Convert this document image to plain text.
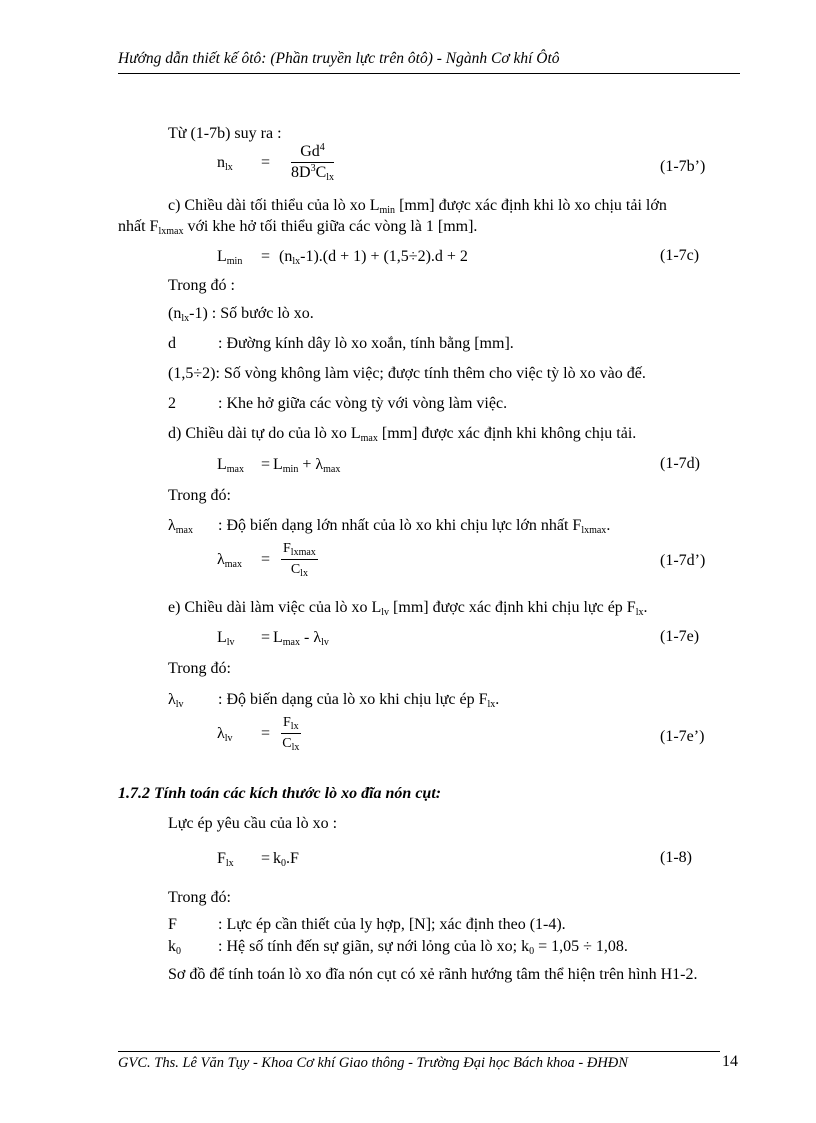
Hướng dẫn thiết kế ôtô: (Phần truyền lực trên ôtô) - Ngành Cơ khí Ôtô
Từ (1-7b) suy ra :
$n_{lx} = \frac{Gd^4}{8D^3C_{lx}}$	(1-7b’)
c) Chiều dài tối thiểu của lò xo $L_{min}$ [mm] được xác định khi lò xo chịu tải lớn
nhất $F_{lxmax}$ với khe hở tối thiểu giữa các vòng là 1 [mm].
$L_{min} = (n_{lx}-1).(d + 1) + (1,5\div 2).d + 2$	(1-7c)
Trong đó :
$(n_{lx}-1)$ : Số bước lò xo.
d	: Đường kính dây lò xo xoắn, tính bằng [mm].
(1,5÷2): Số vòng không làm việc; được tính thêm cho việc tỳ lò xo vào đế.
2	: Khe hở giữa các vòng tỳ với vòng làm việc.
d) Chiều dài tự do của lò xo $L_{max}$ [mm] được xác định khi không chịu tải.
$L_{max} = L_{min} + \lambda_{max}$	(1-7d)
Trong đó:
$\lambda_{max}$ : Độ biến dạng lớn nhất của lò xo khi chịu lực lớn nhất $F_{lxmax}$.
$\lambda_{max} = \frac{F_{lxmax}}{C_{lx}}$	(1-7d’)
e) Chiều dài làm việc của lò xo $L_{lv}$ [mm] được xác định khi chịu lực ép $F_{lx}$.
$L_{lv} = L_{max} - \lambda_{lv}$	(1-7e)
Trong đó:
$\lambda_{lv}$ : Độ biến dạng của lò xo khi chịu lực ép $F_{lx}$.
$\lambda_{lv} = \frac{F_{lx}}{C_{lx}}$	(1-7e’)
1.7.2 Tính toán các kích thước lò xo đĩa nón cụt:
Lực ép yêu cầu của lò xo :
$F_{lx} = k_0.F$	(1-8)
Trong đó:
F	: Lực ép cần thiết của ly hợp, [N]; xác định theo (1-4).
$k_0$ : Hệ số tính đến sự giãn, sự nới lỏng của lò xo; $k_0 = 1,05 \div 1,08$.
Sơ đồ để tính toán lò xo đĩa nón cụt có xẻ rãnh hướng tâm thể hiện trên hình H1-2.
GVC. Ths. Lê Văn Tụy - Khoa Cơ khí Giao thông - Trường Đại học Bách khoa - ĐHĐN	14
